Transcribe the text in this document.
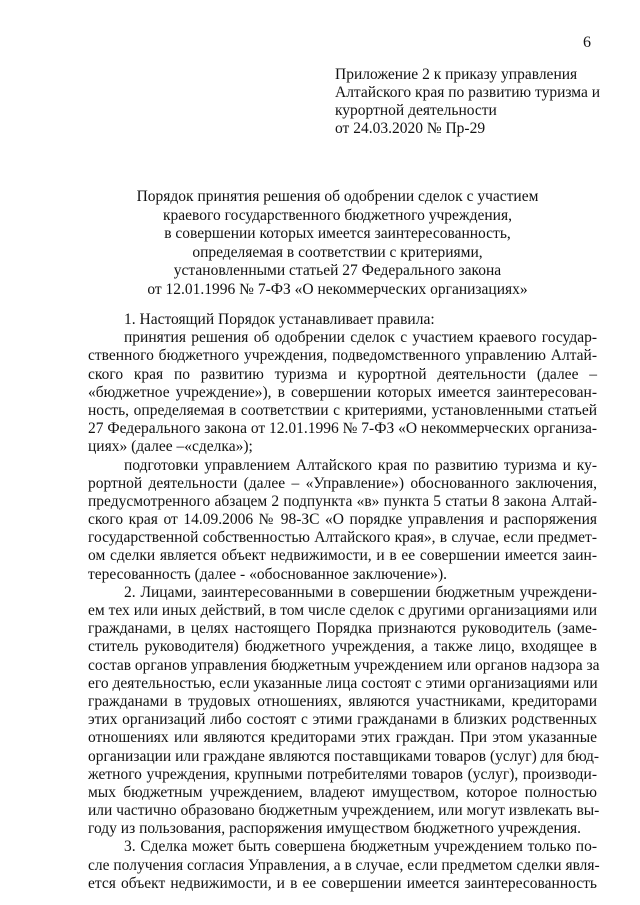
6
Приложение 2 к приказу управления
Алтайского края по развитию туризма и
курортной деятельности
от 24.03.2020 № Пр-29
Порядок принятия решения об одобрении сделок с участием
краевого государственного бюджетного учреждения,
в совершении которых имеется заинтересованность,
определяемая в соответствии с критериями,
установленными статьей 27 Федерального закона
от 12.01.1996 № 7-ФЗ «О некоммерческих организациях»
1. Настоящий Порядок устанавливает правила:
принятия решения об одобрении сделок с участием краевого государ-
ственного бюджетного учреждения, подведомственного управлению Алтай-
ского края по развитию туризма и курортной деятельности (далее –
«бюджетное учреждение»), в совершении которых имеется заинтересован-
ность, определяемая в соответствии с критериями, установленными статьей
27 Федерального закона от 12.01.1996 № 7-ФЗ «О некоммерческих организа-
циях» (далее –«сделка»);
подготовки управлением Алтайского края по развитию туризма и ку-
рортной деятельности (далее – «Управление») обоснованного заключения,
предусмотренного абзацем 2 подпункта «в» пункта 5 статьи 8 закона Алтай-
ского края от 14.09.2006 № 98-ЗС «О порядке управления и распоряжения
государственной собственностью Алтайского края», в случае, если предмет-
ом сделки является объект недвижимости, и в ее совершении имеется заин-
тересованность (далее - «обоснованное заключение»).
2. Лицами, заинтересованными в совершении бюджетным учреждени-
ем тех или иных действий, в том числе сделок с другими организациями или
гражданами, в целях настоящего Порядка признаются руководитель (заме-
ститель руководителя) бюджетного учреждения, а также лицо, входящее в
состав органов управления бюджетным учреждением или органов надзора за
его деятельностью, если указанные лица состоят с этими организациями или
гражданами в трудовых отношениях, являются участниками, кредиторами
этих организаций либо состоят с этими гражданами в близких родственных
отношениях или являются кредиторами этих граждан. При этом указанные
организации или граждане являются поставщиками товаров (услуг) для бюд-
жетного учреждения, крупными потребителями товаров (услуг), производи-
мых бюджетным учреждением, владеют имуществом, которое полностью
или частично образовано бюджетным учреждением, или могут извлекать вы-
году из пользования, распоряжения имуществом бюджетного учреждения.
3. Сделка может быть совершена бюджетным учреждением только по-
сле получения согласия Управления, а в случае, если предметом сделки явля-
ется объект недвижимости, и в ее совершении имеется заинтересованность
